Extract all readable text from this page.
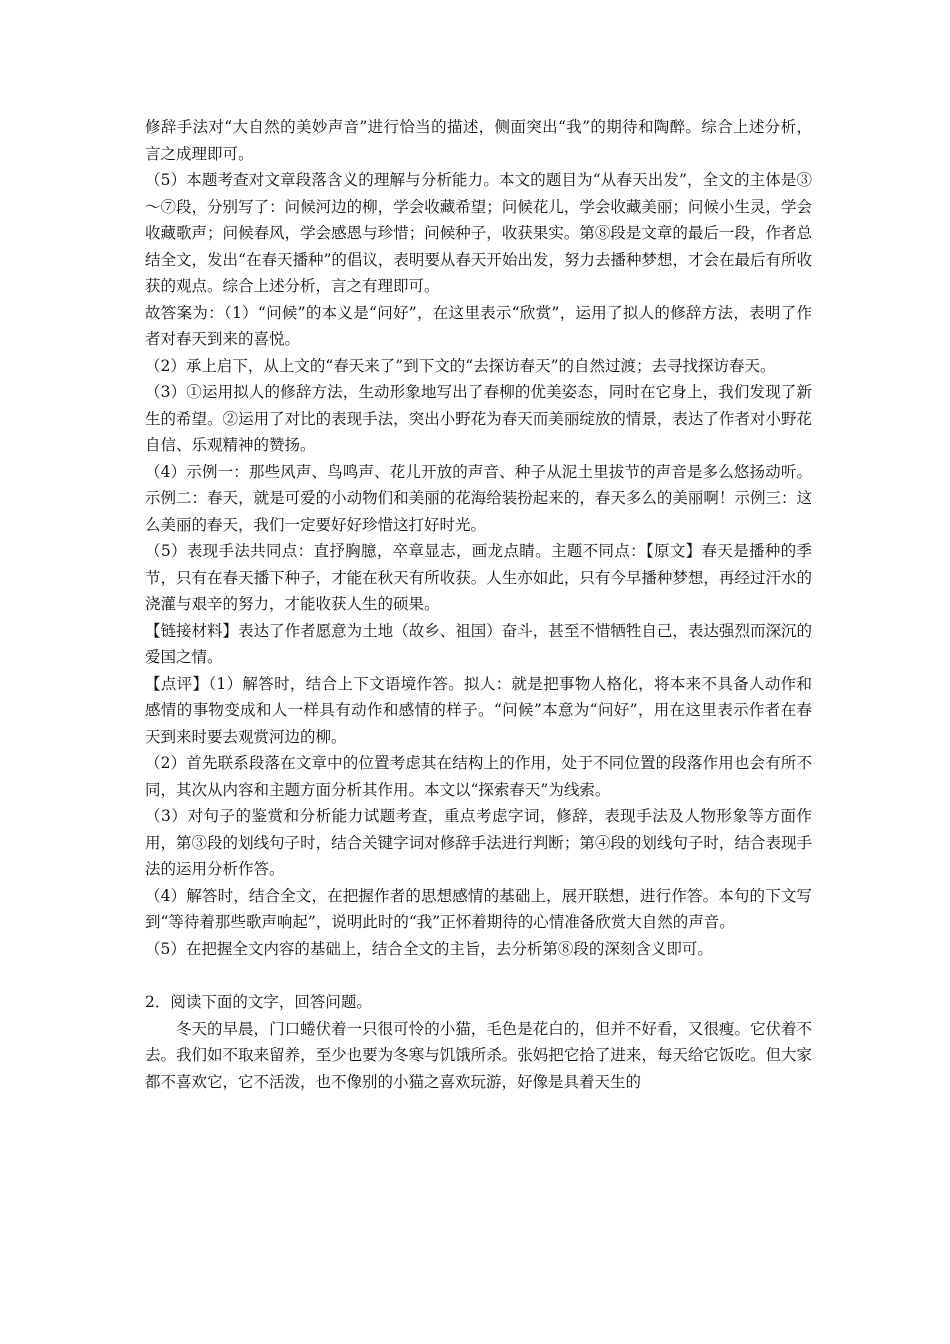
修辞手法对“大自然的美妙声音”进行恰当的描述，侧面突出“我”的期待和陶醉。综合上述分析，言之成理即可。

（5）本题考查对文章段落含义的理解与分析能力。本文的题目为“从春天出发”，全文的主体是③～⑦段，分别写了：问候河边的柳，学会收藏希望；问候花儿，学会收藏美丽；问候小生灵，学会收藏歌声；问候春风，学会感恩与珍惜；问候种子，收获果实。第⑧段是文章的最后一段，作者总结全文，发出“在春天播种”的倡议，表明要从春天开始出发，努力去播种梦想，才会在最后有所收获的观点。综合上述分析，言之有理即可。

故答案为：（1）“问候”的本义是“问好”，在这里表示“欣赏”，运用了拟人的修辞方法，表明了作者对春天到来的喜悦。

（2）承上启下，从上文的“春天来了”到下文的“去探访春天”的自然过渡；去寻找探访春天。

（3）①运用拟人的修辞方法，生动形象地写出了春柳的优美姿态，同时在它身上，我们发现了新生的希望。②运用了对比的表现手法，突出小野花为春天而美丽绽放的情景，表达了作者对小野花自信、乐观精神的赞扬。

（4）示例一：那些风声、鸟鸣声、花儿开放的声音、种子从泥土里拔节的声音是多么悠扬动听。示例二：春天，就是可爱的小动物们和美丽的花海给装扮起来的，春天多么的美丽啊！示例三：这么美丽的春天，我们一定要好好珍惜这打好时光。

（5）表现手法共同点：直抒胸臆，卒章显志，画龙点睛。主题不同点：【原文】春天是播种的季节，只有在春天播下种子，才能在秋天有所收获。人生亦如此，只有今早播种梦想，再经过汗水的浇灌与艰辛的努力，才能收获人生的硕果。

【链接材料】表达了作者愿意为土地（故乡、祖国）奋斗，甚至不惜牺牲自己，表达强烈而深沉的爱国之情。

【点评】（1）解答时，结合上下文语境作答。拟人：就是把事物人格化，将本来不具备人动作和感情的事物变成和人一样具有动作和感情的样子。“问候”本意为“问好”，用在这里表示作者在春天到来时要去观赏河边的柳。

（2）首先联系段落在文章中的位置考虑其在结构上的作用，处于不同位置的段落作用也会有所不同，其次从内容和主题方面分析其作用。本文以“探索春天”为线索。

（3）对句子的鉴赏和分析能力试题考查，重点考虑字词，修辞，表现手法及人物形象等方面作用，第③段的划线句子时，结合关键字词对修辞手法进行判断；第④段的划线句子时，结合表现手法的运用分析作答。

（4）解答时，结合全文，在把握作者的思想感情的基础上，展开联想，进行作答。本句的下文写到“等待着那些歌声响起”，说明此时的“我”正怀着期待的心情准备欣赏大自然的声音。

（5）在把握全文内容的基础上，结合全文的主旨，去分析第⑧段的深刻含义即可。

2．阅读下面的文字，回答问题。

冬天的早晨，门口蜷伏着一只很可怜的小猫，毛色是花白的，但并不好看，又很瘦。它伏着不去。我们如不取来留养，至少也要为冬寒与饥饿所杀。张妈把它拾了进来，每天给它饭吃。但大家都不喜欢它，它不活泼，也不像别的小猫之喜欢玩游，好像是具着天生的
